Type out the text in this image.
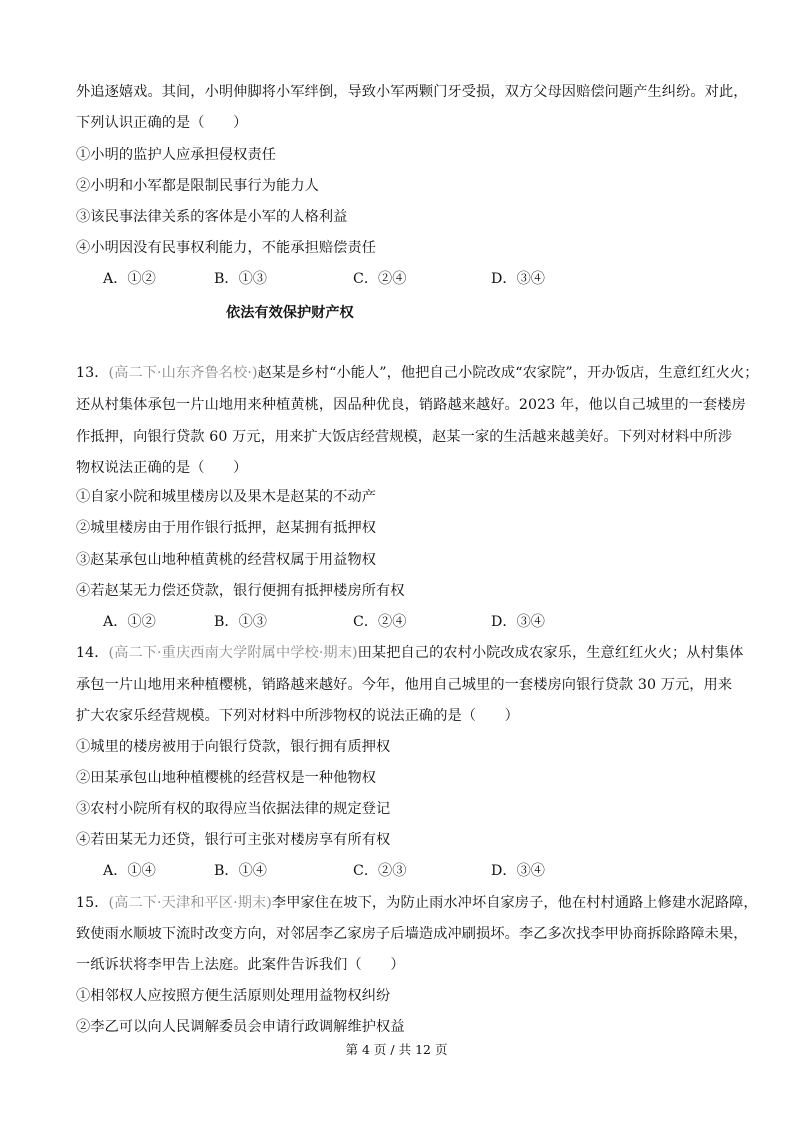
外追逐嬉戏。其间，小明伸脚将小军绊倒，导致小军两颗门牙受损，双方父母因赔偿问题产生纠纷。对此，
下列认识正确的是（　　）
①小明的监护人应承担侵权责任
②小明和小军都是限制民事行为能力人
③该民事法律关系的客体是小军的人格利益
④小明因没有民事权利能力，不能承担赔偿责任
A．①②	B．①③	C．②④	D．③④
依法有效保护财产权
13．(高二下·山东齐鲁名校·)赵某是乡村“小能人”，他把自己小院改成“农家院”，开办饭店，生意红红火火；
还从村集体承包一片山地用来种植黄桃，因品种优良，销路越来越好。2023 年，他以自己城里的一套楼房
作抵押，向银行贷款 60 万元，用来扩大饭店经营规模，赵某一家的生活越来越美好。下列对材料中所涉
物权说法正确的是（　　）
①自家小院和城里楼房以及果木是赵某的不动产
②城里楼房由于用作银行抵押，赵某拥有抵押权
③赵某承包山地种植黄桃的经营权属于用益物权
④若赵某无力偿还贷款，银行便拥有抵押楼房所有权
A．①②	B．①③	C．②④	D．③④
14．(高二下·重庆西南大学附属中学校·期末)田某把自己的农村小院改成农家乐，生意红红火火；从村集体
承包一片山地用来种植樱桃，销路越来越好。今年，他用自己城里的一套楼房向银行贷款 30 万元，用来
扩大农家乐经营规模。下列对材料中所涉物权的说法正确的是（　　）
①城里的楼房被用于向银行贷款，银行拥有质押权
②田某承包山地种植樱桃的经营权是一种他物权
③农村小院所有权的取得应当依据法律的规定登记
④若田某无力还贷，银行可主张对楼房享有所有权
A．①④	B．①④	C．②③	D．③④
15．(高二下·天津和平区·期末)李甲家住在坡下，为防止雨水冲坏自家房子，他在村村通路上修建水泥路障，
致使雨水顺坡下流时改变方向，对邻居李乙家房子后墙造成冲刷损坏。李乙多次找李甲协商拆除路障未果，
一纸诉状将李甲告上法庭。此案件告诉我们（　　）
①相邻权人应按照方便生活原则处理用益物权纠纷
②李乙可以向人民调解委员会申请行政调解维护权益
第 4 页 / 共 12 页
